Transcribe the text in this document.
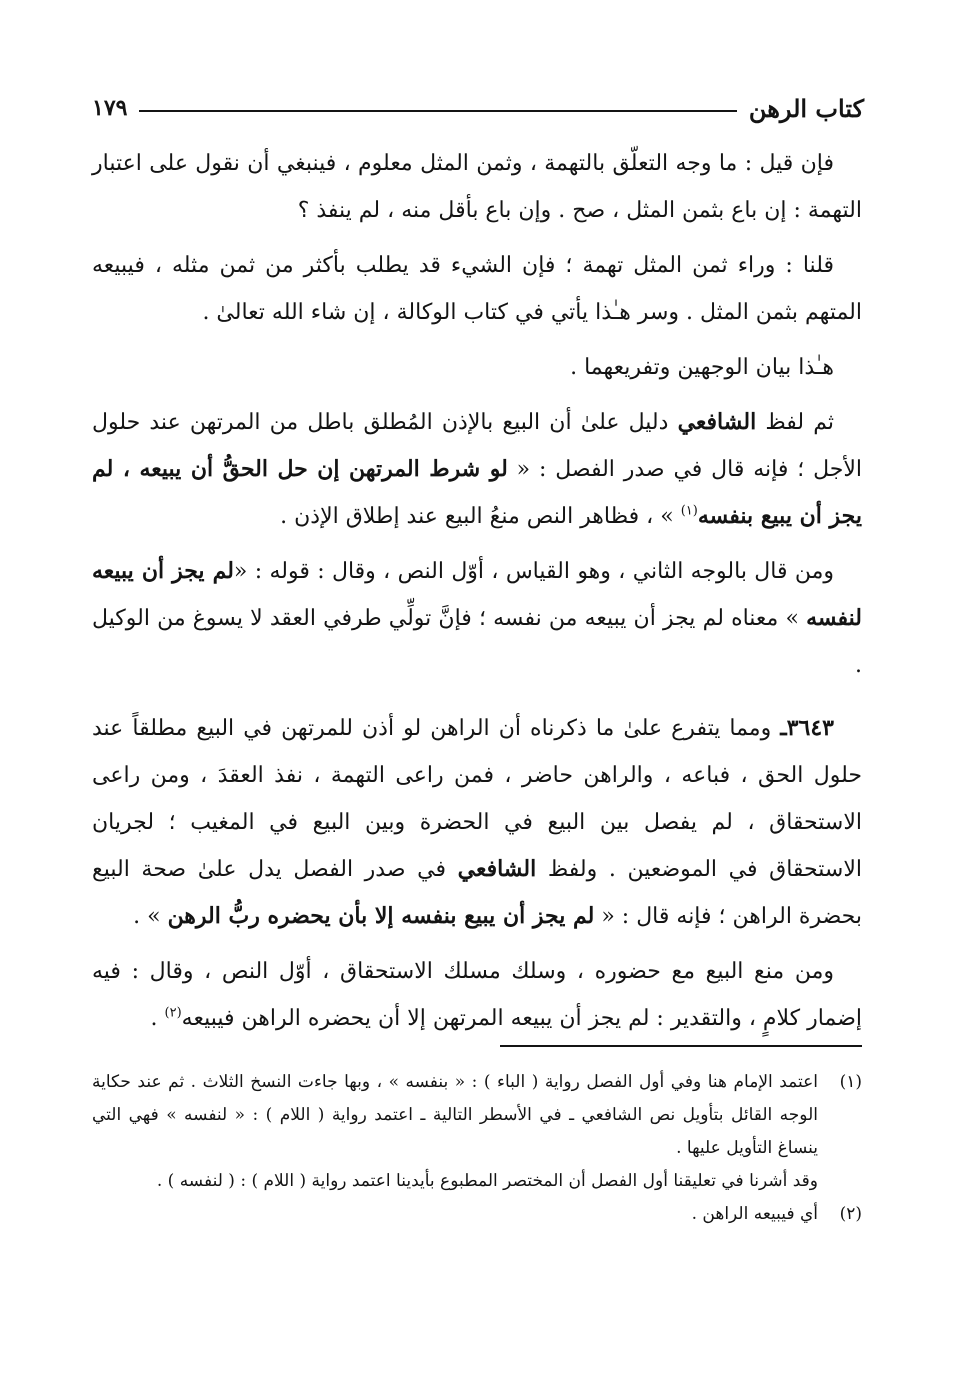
كتاب الرهن
١٧٩

فإن قيل : ما وجه التعلّق بالتهمة ، وثمن المثل معلوم ، فينبغي أن نقول على اعتبار التهمة : إن باع بثمن المثل ، صح . وإن باع بأقل منه ، لم ينفذ ؟

قلنا : وراء ثمن المثل تهمة ؛ فإن الشيء قد يطلب بأكثر من ثمن مثله ، فيبيعه المتهم بثمن المثل . وسر هـٰذا يأتي في كتاب الوكالة ، إن شاء الله تعالىٰ .

هـٰذا بيان الوجهين وتفريعهما .

ثم لفظ الشافعي دليل علىٰ أن البيع بالإذن المُطلق باطل من المرتهن عند حلول الأجل ؛ فإنه قال في صدر الفصل : « لو شرط المرتهن إن حل الحقُّ أن يبيعه ، لم يجز أن يبيع بنفسه$^{(١)}$ » ، فظاهر النص منعُ البيع عند إطلاق الإذن .

ومن قال بالوجه الثاني ، وهو القياس ، أوّل النص ، وقال : قوله : «لم يجز أن يبيعه لنفسه » معناه لم يجز أن يبيعه من نفسه ؛ فإنَّ تولِّي طرفي العقد لا يسوغ من الوكيل .

٣٦٤٣ـ ومما يتفرع علىٰ ما ذكرناه أن الراهن لو أذن للمرتهن في البيع مطلقاً عند حلول الحق ، فباعه ، والراهن حاضر ، فمن راعى التهمة ، نفذ العقدَ ، ومن راعى الاستحقاق ، لم يفصل بين البيع في الحضرة وبين البيع في المغيب ؛ لجريان الاستحقاق في الموضعين . ولفظ الشافعي في صدر الفصل يدل علىٰ صحة البيع بحضرة الراهن ؛ فإنه قال : « لم يجز أن يبيع بنفسه إلا بأن يحضره ربُّ الرهن » .

ومن منع البيع مع حضوره ، وسلك مسلك الاستحقاق ، أوّل النص ، وقال : فيه إضمار كلامٍ ، والتقدير : لم يجز أن يبيعه المرتهن إلا أن يحضره الراهن فيبيعه$^{(٢)}$ .

(١)
اعتمد الإمام هنا وفي أول الفصل رواية ( الباء ) : « بنفسه » ، وبها جاءت النسخ الثلاث . ثم عند حكاية الوجه القائل بتأويل نص الشافعي ـ في الأسطر التالية ـ اعتمد رواية ( اللام ) : « لنفسه » فهي التي ينساغ التأويل عليها .
وقد أشرنا في تعليقنا أول الفصل أن المختصر المطبوع بأيدينا اعتمد رواية ( اللام ) : ( لنفسه ) .
(٢)
أي فيبيعه الراهن .
